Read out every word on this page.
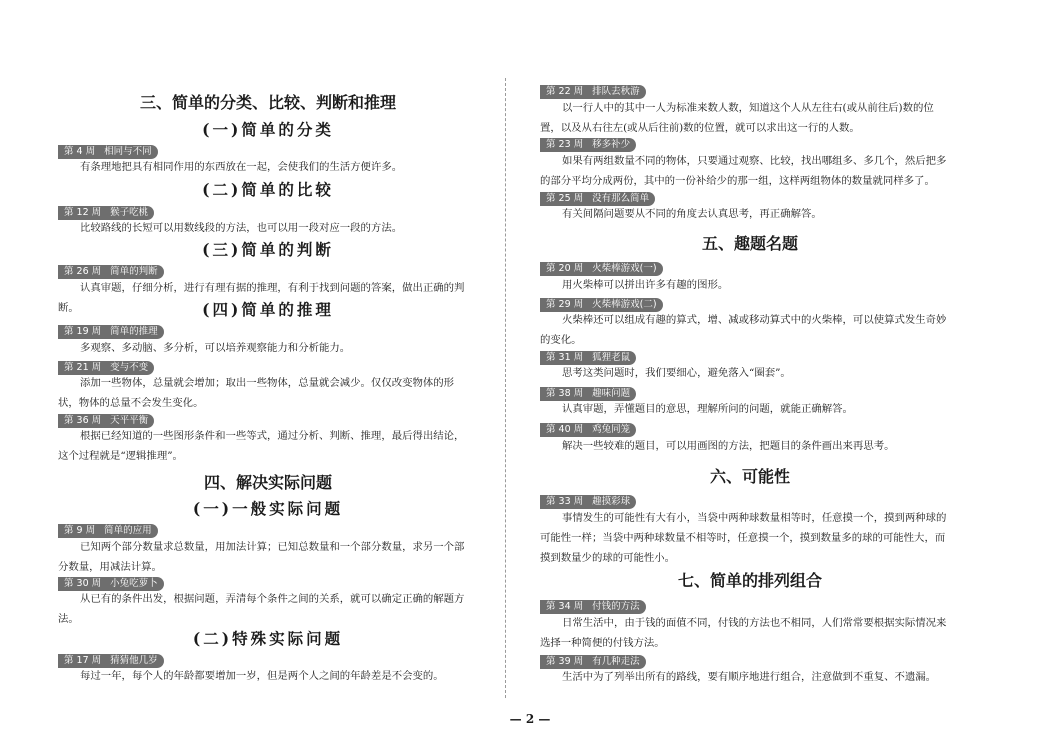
三、简单的分类、比较、判断和推理
(一)简单的分类
第 4 周 相同与不同
有条理地把具有相同作用的东西放在一起，会使我们的生活方便许多。
(二)简单的比较
第 12 周 猴子吃桃
比较路线的长短可以用数线段的方法，也可以用一段对应一段的方法。
(三)简单的判断
第 26 周 简单的判断
认真审题，仔细分析，进行有理有据的推理，有利于找到问题的答案，做出正确的判断。	(四)简单的推理
第 19 周 简单的推理
多观察、多动脑、多分析，可以培养观察能力和分析能力。
第 21 周 变与不变
添加一些物体，总量就会增加；取出一些物体，总量就会减少。仅仅改变物体的形状，物体的总量不会发生变化。
第 36 周 天平平衡
根据已经知道的一些图形条件和一些等式，通过分析、判断、推理，最后得出结论，这个过程就是“逻辑推理”。
四、解决实际问题
(一)一般实际问题
第 9 周 简单的应用
已知两个部分数量求总数量，用加法计算；已知总数量和一个部分数量，求另一个部分数量，用减法计算。
第 30 周 小兔吃萝卜
从已有的条件出发，根据问题，弄清每个条件之间的关系，就可以确定正确的解题方法。
(二)特殊实际问题
第 17 周 猜猜他几岁
每过一年，每个人的年龄都要增加一岁，但是两个人之间的年龄差是不会变的。
第 22 周 排队去秋游
以一行人中的其中一人为标准来数人数，知道这个人从左往右(或从前往后)数的位置，以及从右往左(或从后往前)数的位置，就可以求出这一行的人数。
第 23 周 移多补少
如果有两组数量不同的物体，只要通过观察、比较，找出哪组多、多几个，然后把多的部分平均分成两份，其中的一份补给少的那一组，这样两组物体的数量就同样多了。
第 25 周 没有那么简单
有关间隔问题要从不同的角度去认真思考，再正确解答。
五、趣题名题
第 20 周 火柴棒游戏(一)
用火柴棒可以拼出许多有趣的图形。
第 29 周 火柴棒游戏(二)
火柴棒还可以组成有趣的算式，增、减或移动算式中的火柴棒，可以使算式发生奇妙的变化。
第 31 周 狐狸老鼠
思考这类问题时，我们要细心，避免落入“圈套”。
第 38 周 趣味问题
认真审题，弄懂题目的意思，理解所问的问题，就能正确解答。
第 40 周 鸡兔同笼
解决一些较难的题目，可以用画图的方法，把题目的条件画出来再思考。
六、可能性
第 33 周 趣摸彩球
事情发生的可能性有大有小，当袋中两种球数量相等时，任意摸一个，摸到两种球的可能性一样；当袋中两种球数量不相等时，任意摸一个，摸到数量多的球的可能性大，而摸到数量少的球的可能性小。
七、简单的排列组合
第 34 周 付钱的方法
日常生活中，由于钱的面值不同，付钱的方法也不相同，人们常常要根据实际情况来选择一种简便的付钱方法。
第 39 周 有几种走法
生活中为了列举出所有的路线，要有顺序地进行组合，注意做到不重复、不遗漏。
— 2 —
